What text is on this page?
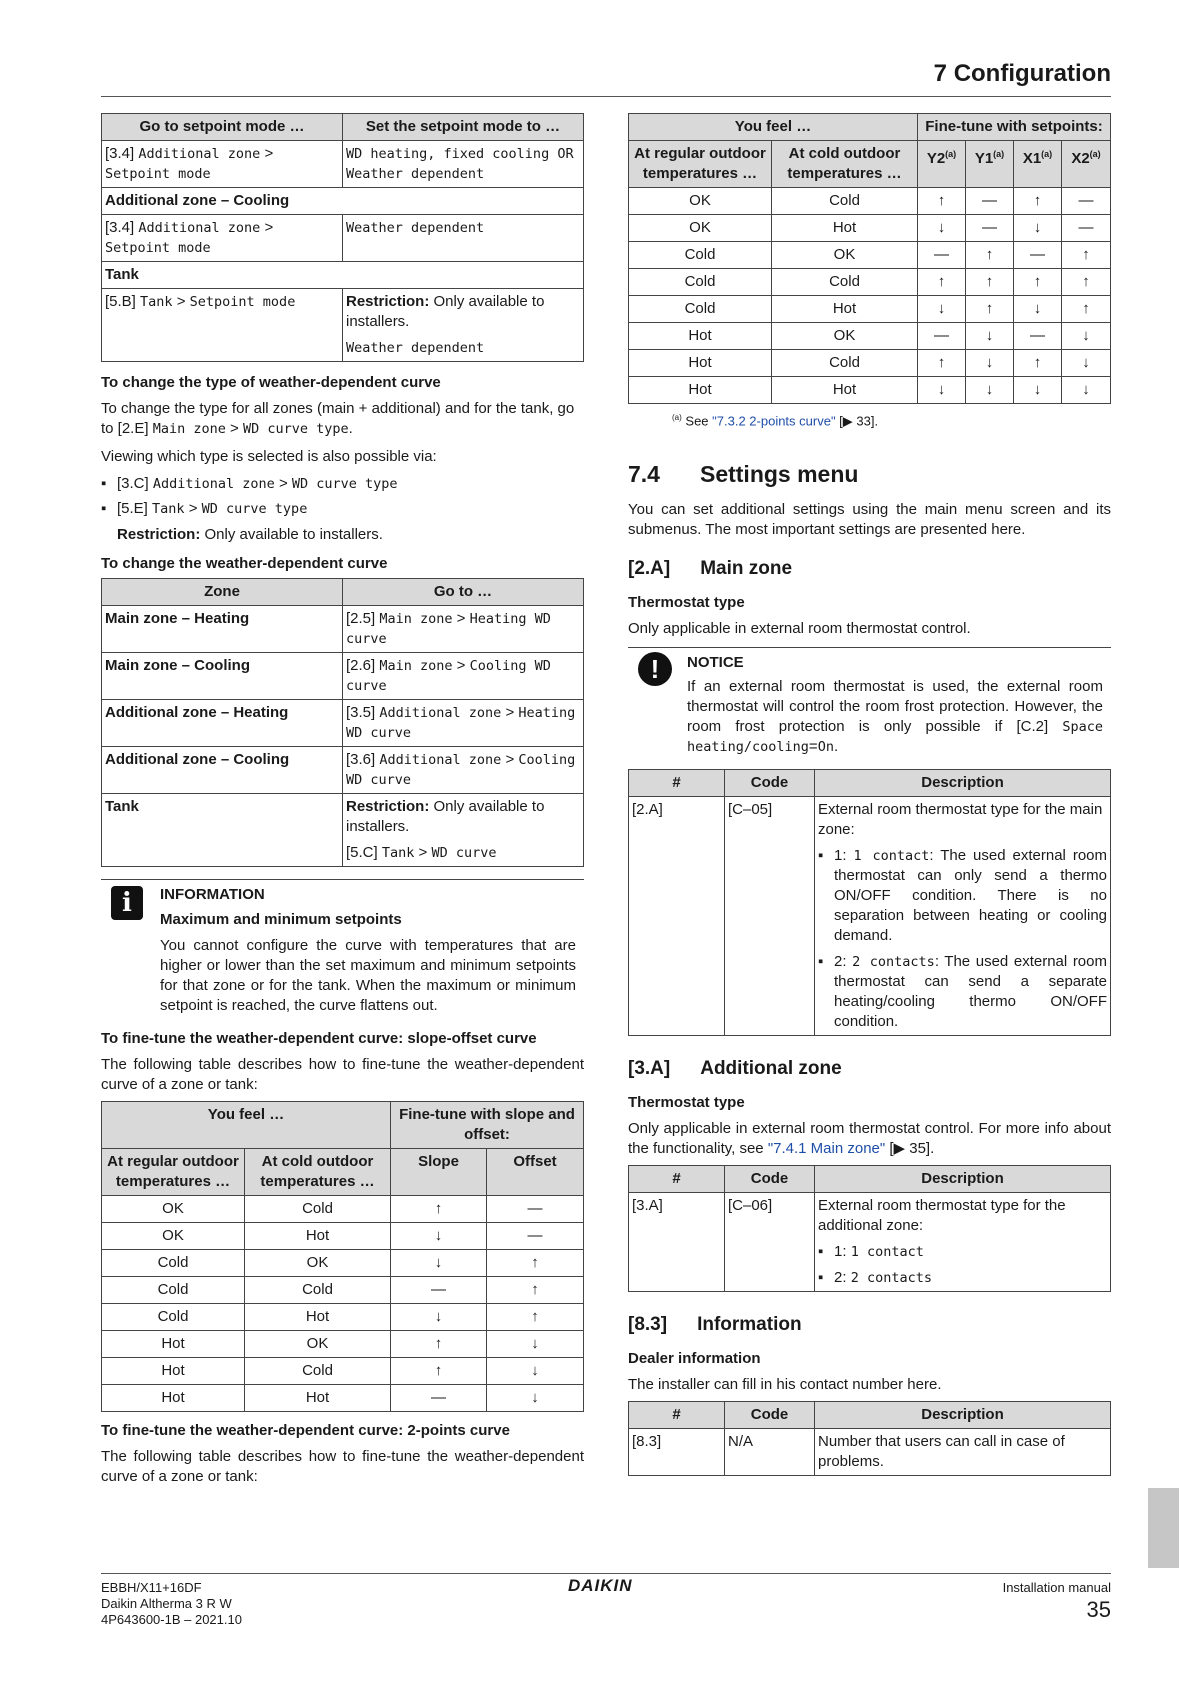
7 Configuration
Go to setpoint mode …	Set the setpoint mode to …
[3.4] Additional zone > Setpoint mode	WD heating, fixed cooling OR Weather dependent
Additional zone – Cooling	
[3.4] Additional zone > Setpoint mode	Weather dependent
Tank	
[5.B] Tank > Setpoint mode	Restriction: Only available to installers.
Weather dependent
To change the type of weather-dependent curve

To change the type for all zones (main + additional) and for the tank, go to [2.E] Main zone > WD curve type.

Viewing which type is selected is also possible via:

▪ [3.C] Additional zone > WD curve type
▪ [5.E] Tank > WD curve type

Restriction: Only available to installers.

To change the weather-dependent curve
Zone	Go to …
Main zone – Heating	[2.5] Main zone > Heating WD curve
Main zone – Cooling	[2.6] Main zone > Cooling WD curve
Additional zone – Heating	[3.5] Additional zone > Heating WD curve
Additional zone – Cooling	[3.6] Additional zone > Cooling WD curve
Tank	Restriction: Only available to installers.
[5.C] Tank > WD curve
i	INFORMATION
Maximum and minimum setpoints

You cannot configure the curve with temperatures that are higher or lower than the set maximum and minimum setpoints for that zone or for the tank. When the maximum or minimum setpoint is reached, the curve flattens out.

To fine-tune the weather-dependent curve: slope-offset curve

The following table describes how to fine-tune the weather-dependent curve of a zone or tank:

You feel …		Fine-tune with slope and offset:	
At regular outdoor temperatures …	At cold outdoor temperatures …	Slope	Offset
OK	Cold	↑	—
OK	Hot	↓	—
Cold	OK	↓	↑
Cold	Cold	—	↑
Cold	Hot	↓	↑
Hot	OK	↑	↓
Hot	Cold	↑	↓
Hot	Hot	—	↓
To fine-tune the weather-dependent curve: 2-points curve

The following table describes how to fine-tune the weather-dependent curve of a zone or tank:

You feel …		Fine-tune with setpoints:			
At regular outdoor temperatures …	At cold outdoor temperatures …	Y2$^{(a)}$	Y1$^{(a)}$	X1$^{(a)}$	X2$^{(a)}$
OK	Cold	↑	—	↑	—
OK	Hot	↓	—	↓	—
Cold	OK	—	↑	—	↑
Cold	Cold	↑	↑	↑	↑
Cold	Hot	↓	↑	↓	↑
Hot	OK	—	↓	—	↓
Hot	Cold	↑	↓	↑	↓
Hot	Hot	↓	↓	↓	↓

$^{(a)}$ See "7.3.2 2-points curve" [▶ 33].

7.4 Settings menu

You can set additional settings using the main menu screen and its submenus. The most important settings are presented here.

[2.A] Main zone
Thermostat type

Only applicable in external room thermostat control.

!	NOTICE

If an external room thermostat is used, the external room thermostat will control the room frost protection. However, the room frost protection is only possible if [C.2] Space heating/cooling=On.

#	Code	Description
[2.A]	[C–05]	External room thermostat type for the main zone:
▪ 1: 1 contact: The used external room thermostat can only send a thermo ON/OFF condition. There is no separation between heating or cooling demand.
▪ 2: 2 contacts: The used external room thermostat can send a separate heating/cooling thermo ON/OFF condition.
[3.A] Additional zone
Thermostat type

Only applicable in external room thermostat control. For more info about the functionality, see "7.4.1 Main zone" [▶ 35].

#	Code	Description
[3.A]	[C–06]	External room thermostat type for the additional zone:
▪ 1: 1 contact
▪ 2: 2 contacts
[8.3] Information
Dealer information

The installer can fill in his contact number here.

#	Code	Description
[8.3]	N/A	Number that users can call in case of problems.
EBBH/X11+16DF
Daikin Altherma 3 R W
4P643600-1B – 2021.10
DAIKIN	Installation manual
35
